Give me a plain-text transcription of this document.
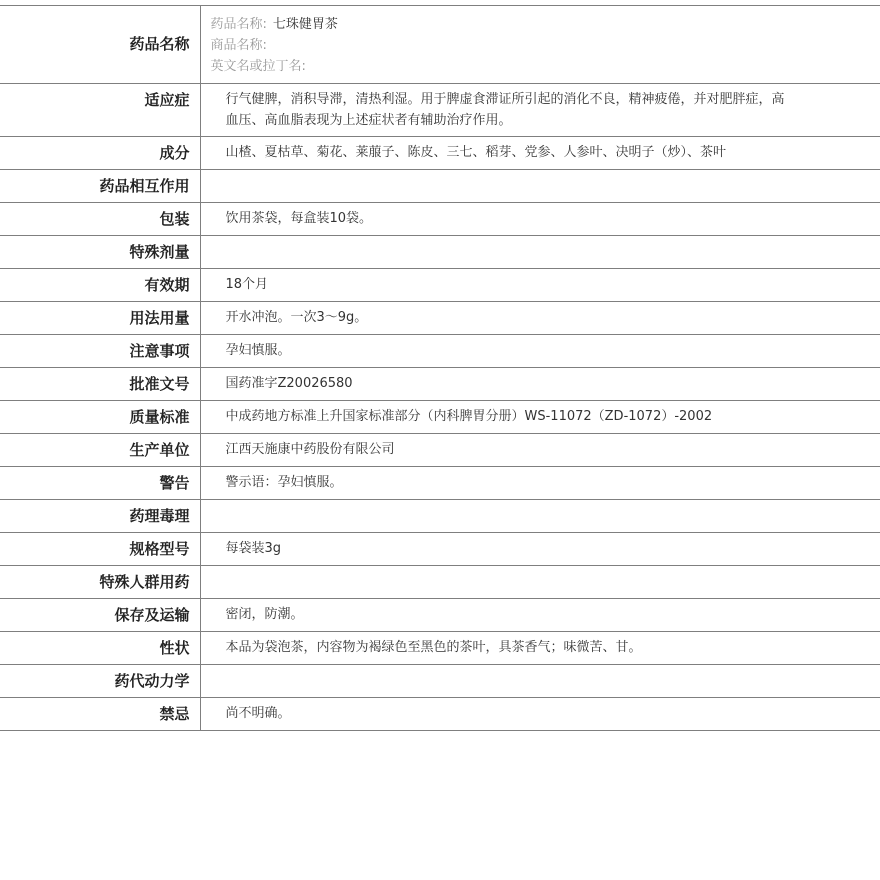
药品名称	药品名称: 七珠健胃茶
商品名称:
英文名或拉丁名:

适应症	行气健脾，消积导滞，清热利湿。用于脾虚食滞证所引起的消化不良，精神疲倦，并对肥胖症，高血压、高血脂表现为上述症状者有辅助治疗作用。

成分	山楂、夏枯草、菊花、莱菔子、陈皮、三七、稻芽、党参、人参叶、决明子（炒）、茶叶

药品相互作用	

包装	饮用茶袋，每盒装10袋。

特殊剂量	

有效期	18个月

用法用量	开水冲泡。一次3～9g。

注意事项	孕妇慎服。

批准文号	国药准字Z20026580

质量标准	中成药地方标准上升国家标准部分（内科脾胃分册）WS-11072（ZD-1072）-2002

生产单位	江西天施康中药股份有限公司

警告	警示语：孕妇慎服。

药理毒理	

规格型号	每袋装3g

特殊人群用药	

保存及运输	密闭，防潮。

性状	本品为袋泡茶，内容物为褐绿色至黑色的茶叶，具茶香气；味微苦、甘。

药代动力学	

禁忌	尚不明确。
